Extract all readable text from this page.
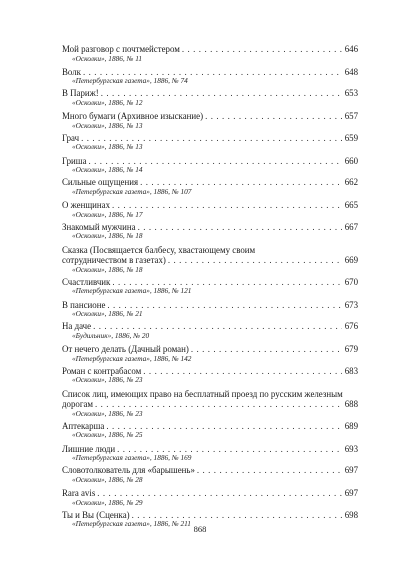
Мой разговор с почтмейстером . . .	646
«Осколки», 1886, № 11
Волк . . .	648
«Петербургская газета», 1886, № 74
В Париж! . . .	653
«Осколки», 1886, № 12
Много бумаги (Архивное изыскание) . . .	657
«Осколки», 1886, № 13
Грач . . .	659
«Осколки», 1886, № 13
Гриша . . .	660
«Осколки», 1886, № 14
Сильные ощущения . . .	662
«Петербургская газета», 1886, № 107
О женщинах . . .	665
«Осколки», 1886, № 17
Знакомый мужчина . . .	667
«Осколки», 1886, № 18
Сказка (Посвящается балбесу, хвастающему своим
сотрудничеством в газетах) . . .	669
«Осколки», 1886, № 18
Счастливчик . . .	670
«Петербургская газета», 1886, № 121
В пансионе . . .	673
«Осколки», 1886, № 21
На даче . . .	676
«Будильник», 1886, № 20
От нечего делать (Дачный роман) . . .	679
«Петербургская газета», 1886, № 142
Роман с контрабасом . . .	683
«Осколки», 1886, № 23
Список лиц, имеющих право на бесплатный проезд по русским железным
дорогам . . .	688
«Осколки», 1886, № 23
Аптекарша . . .	689
«Осколки», 1886, № 25
Лишние люди . . .	693
«Петербургская газета», 1886, № 169
Словотолкователь для «барышень» . . .	697
«Осколки», 1886, № 28
Rara avis . . .	697
«Осколки», 1886, № 29
Ты и Вы (Сценка) . . .	698
«Петербургская газета», 1886, № 211
868
